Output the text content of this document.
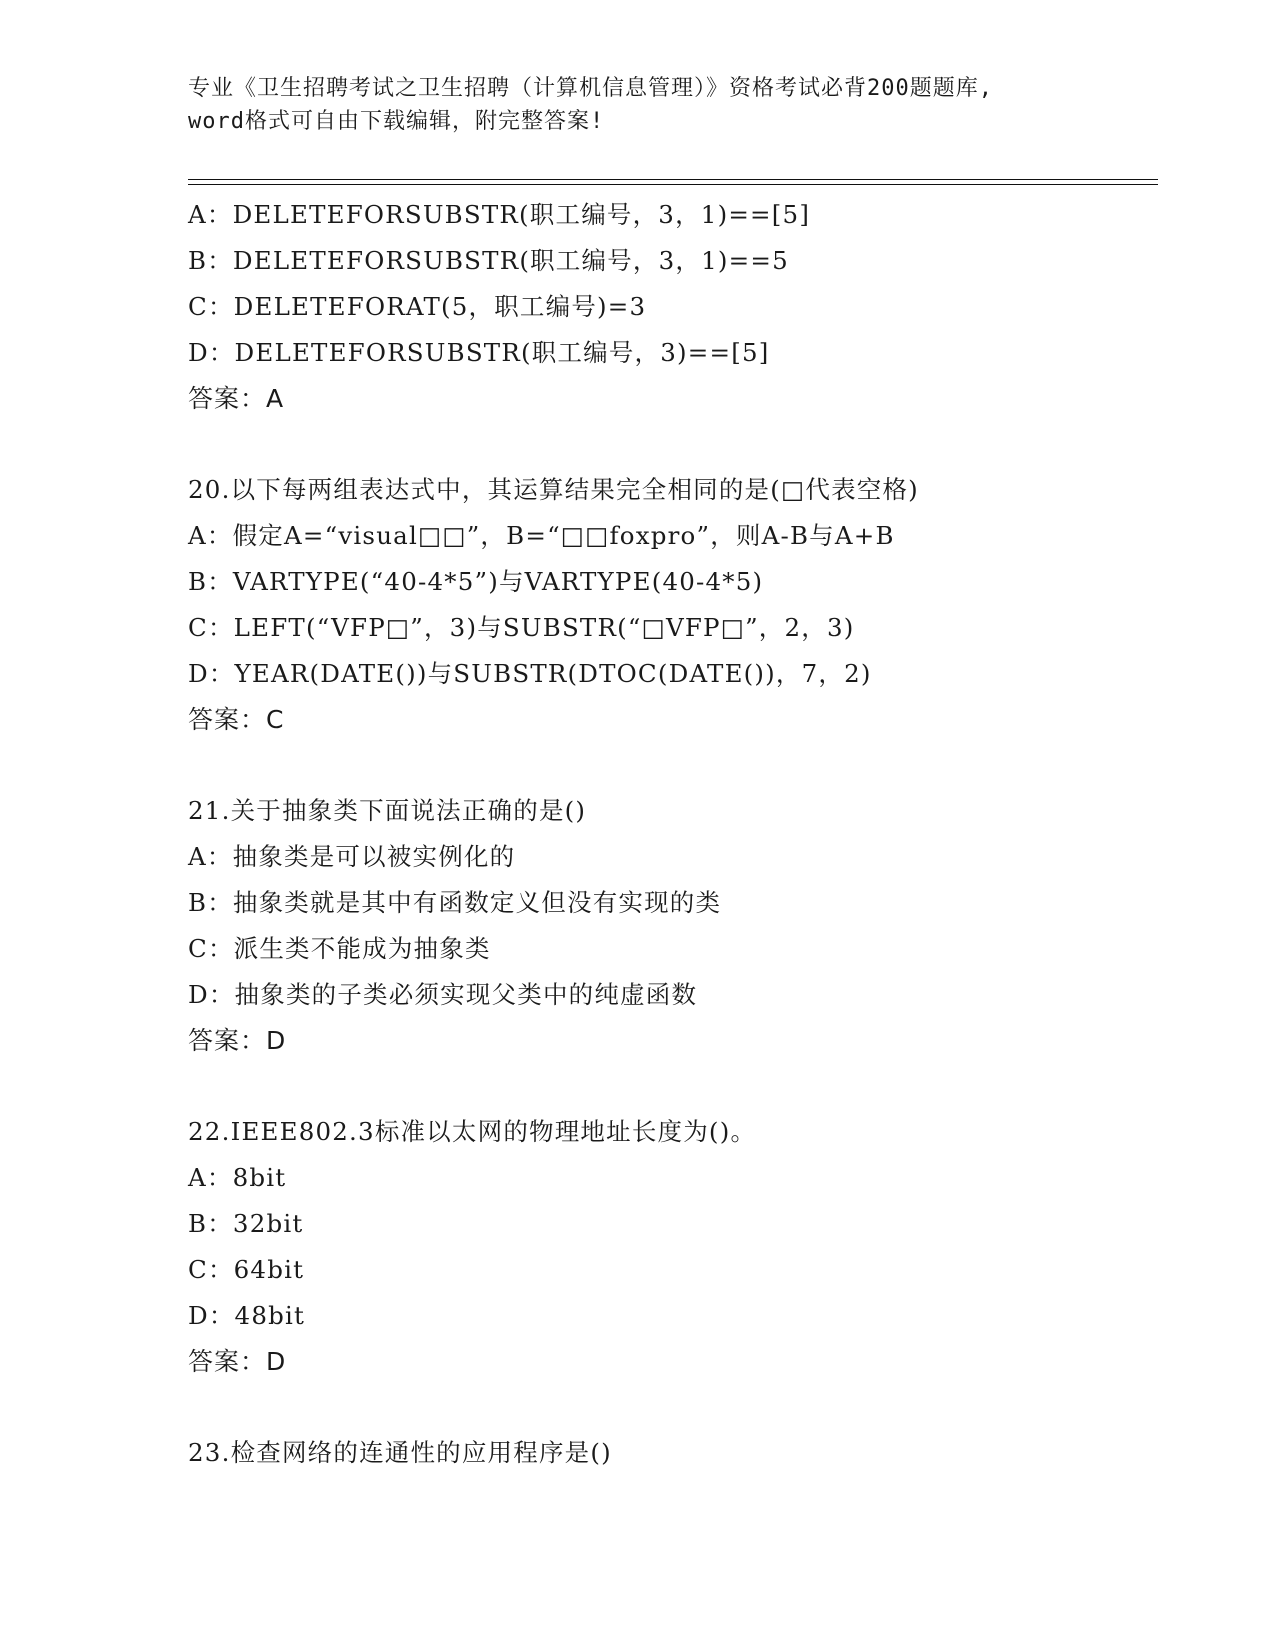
专业《卫生招聘考试之卫生招聘（计算机信息管理）》资格考试必背200题题库,
word格式可自由下载编辑，附完整答案!
A：DELETEFORSUBSTR(职工编号，3，1)==[5]
B：DELETEFORSUBSTR(职工编号，3，1)==5
C：DELETEFORAT(5，职工编号)=3
D：DELETEFORSUBSTR(职工编号，3)==[5]
答案：A
20.以下每两组表达式中，其运算结果完全相同的是(□代表空格)
A：假定A=“visual□□”，B=“□□foxpro”，则A-B与A+B
B：VARTYPE(“40-4*5”)与VARTYPE(40-4*5)
C：LEFT(“VFP□”，3)与SUBSTR(“□VFP□”，2，3)
D：YEAR(DATE())与SUBSTR(DTOC(DATE())，7，2)
答案：C
21.关于抽象类下面说法正确的是()
A：抽象类是可以被实例化的
B：抽象类就是其中有函数定义但没有实现的类
C：派生类不能成为抽象类
D：抽象类的子类必须实现父类中的纯虚函数
答案：D
22.IEEE802.3标准以太网的物理地址长度为()。
A：8bit
B：32bit
C：64bit
D：48bit
答案：D
23.检查网络的连通性的应用程序是()
